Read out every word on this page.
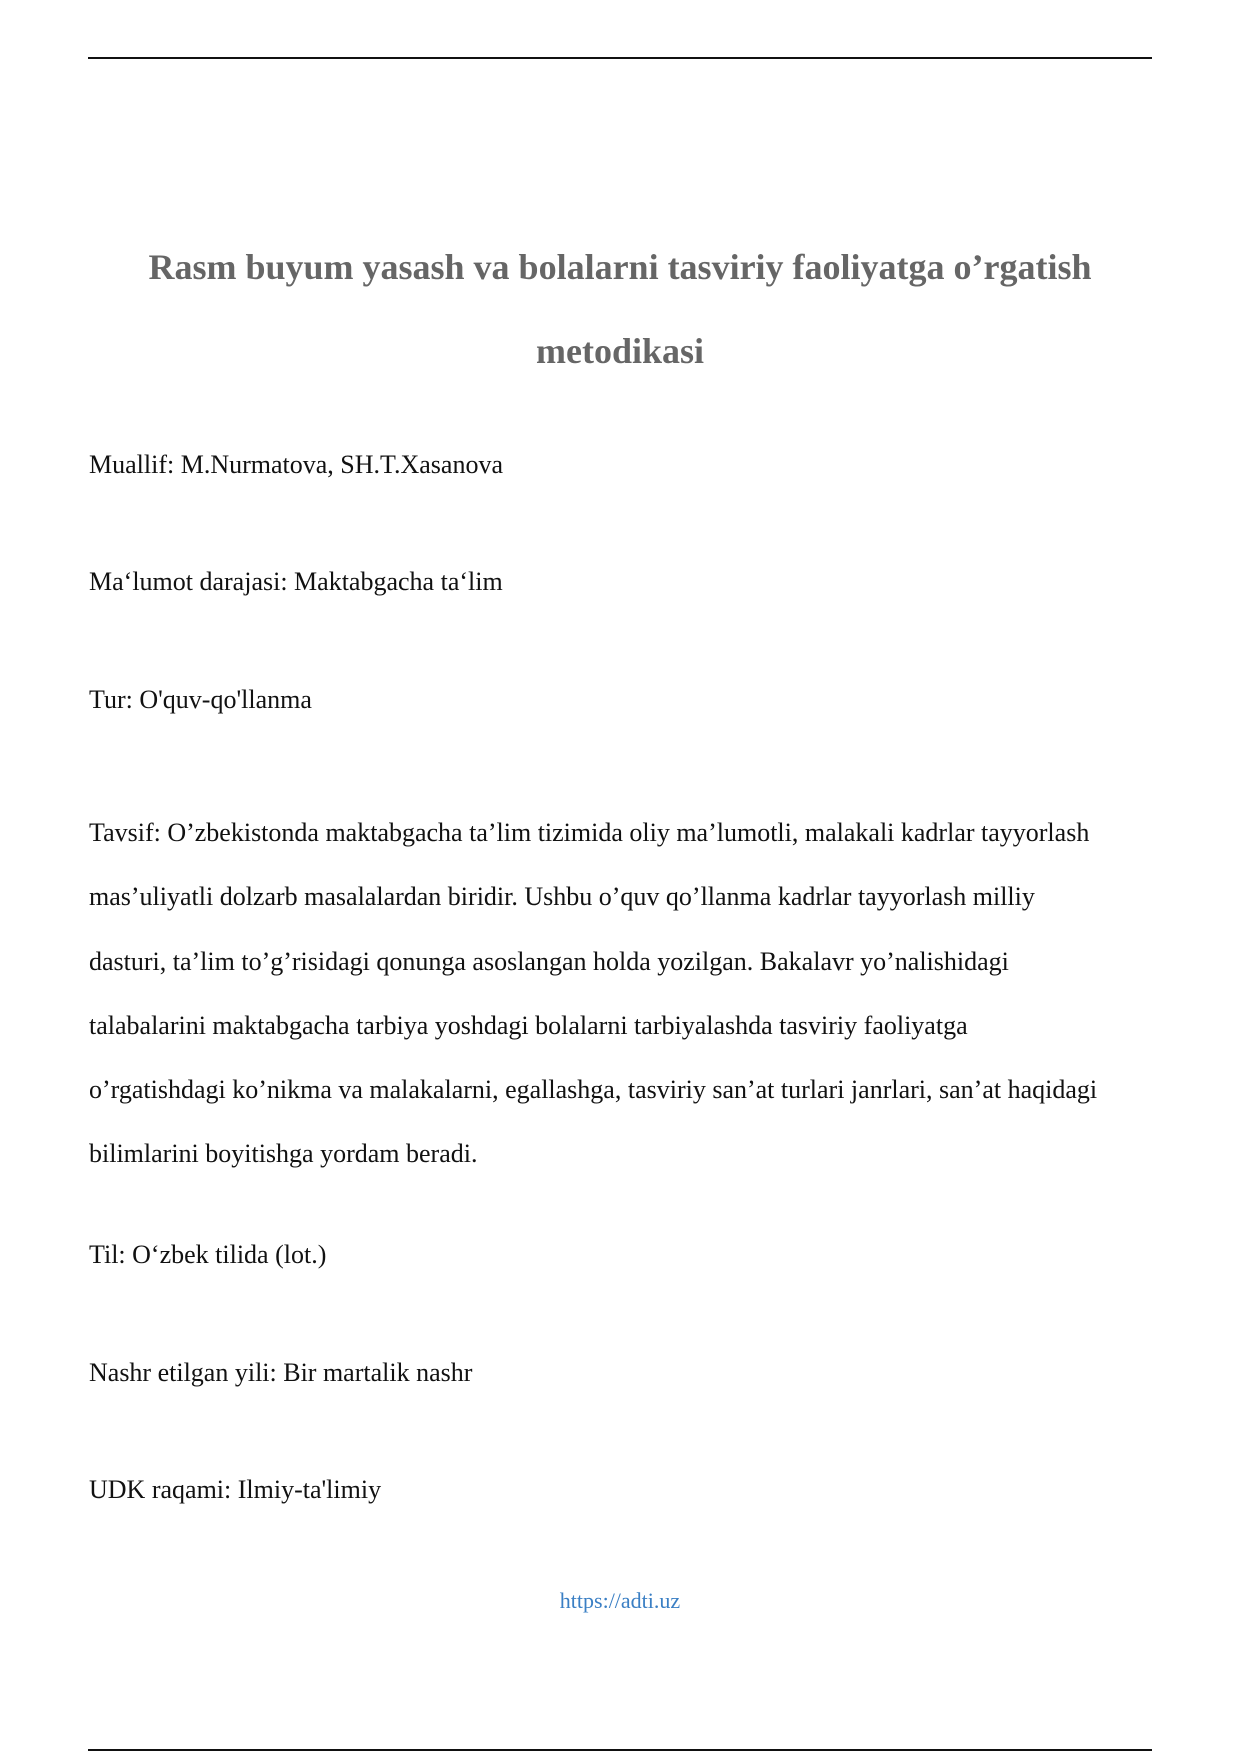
Rasm buyum yasash va bolalarni tasviriy faoliyatga o’rgatish
metodikasi

Muallif: M.Nurmatova, SH.T.Xasanova

Ma‘lumot darajasi: Maktabgacha ta‘lim

Tur: O'quv-qo'llanma

Tavsif: O’zbekistonda maktabgacha ta’lim tizimida oliy ma’lumotli, malakali kadrlar tayyorlash
mas’uliyatli dolzarb masalalardan biridir. Ushbu o’quv qo’llanma kadrlar tayyorlash milliy
dasturi, ta’lim to’g’risidagi qonunga asoslangan holda yozilgan. Bakalavr yo’nalishidagi
talabalarini maktabgacha tarbiya yoshdagi bolalarni tarbiyalashda tasviriy faoliyatga
o’rgatishdagi ko’nikma va malakalarni, egallashga, tasviriy san’at turlari janrlari, san’at haqidagi
bilimlarini boyitishga yordam beradi.

Til: O‘zbek tilida (lot.)

Nashr etilgan yili: Bir martalik nashr

UDK raqami: Ilmiy-ta'limiy

https://adti.uz
